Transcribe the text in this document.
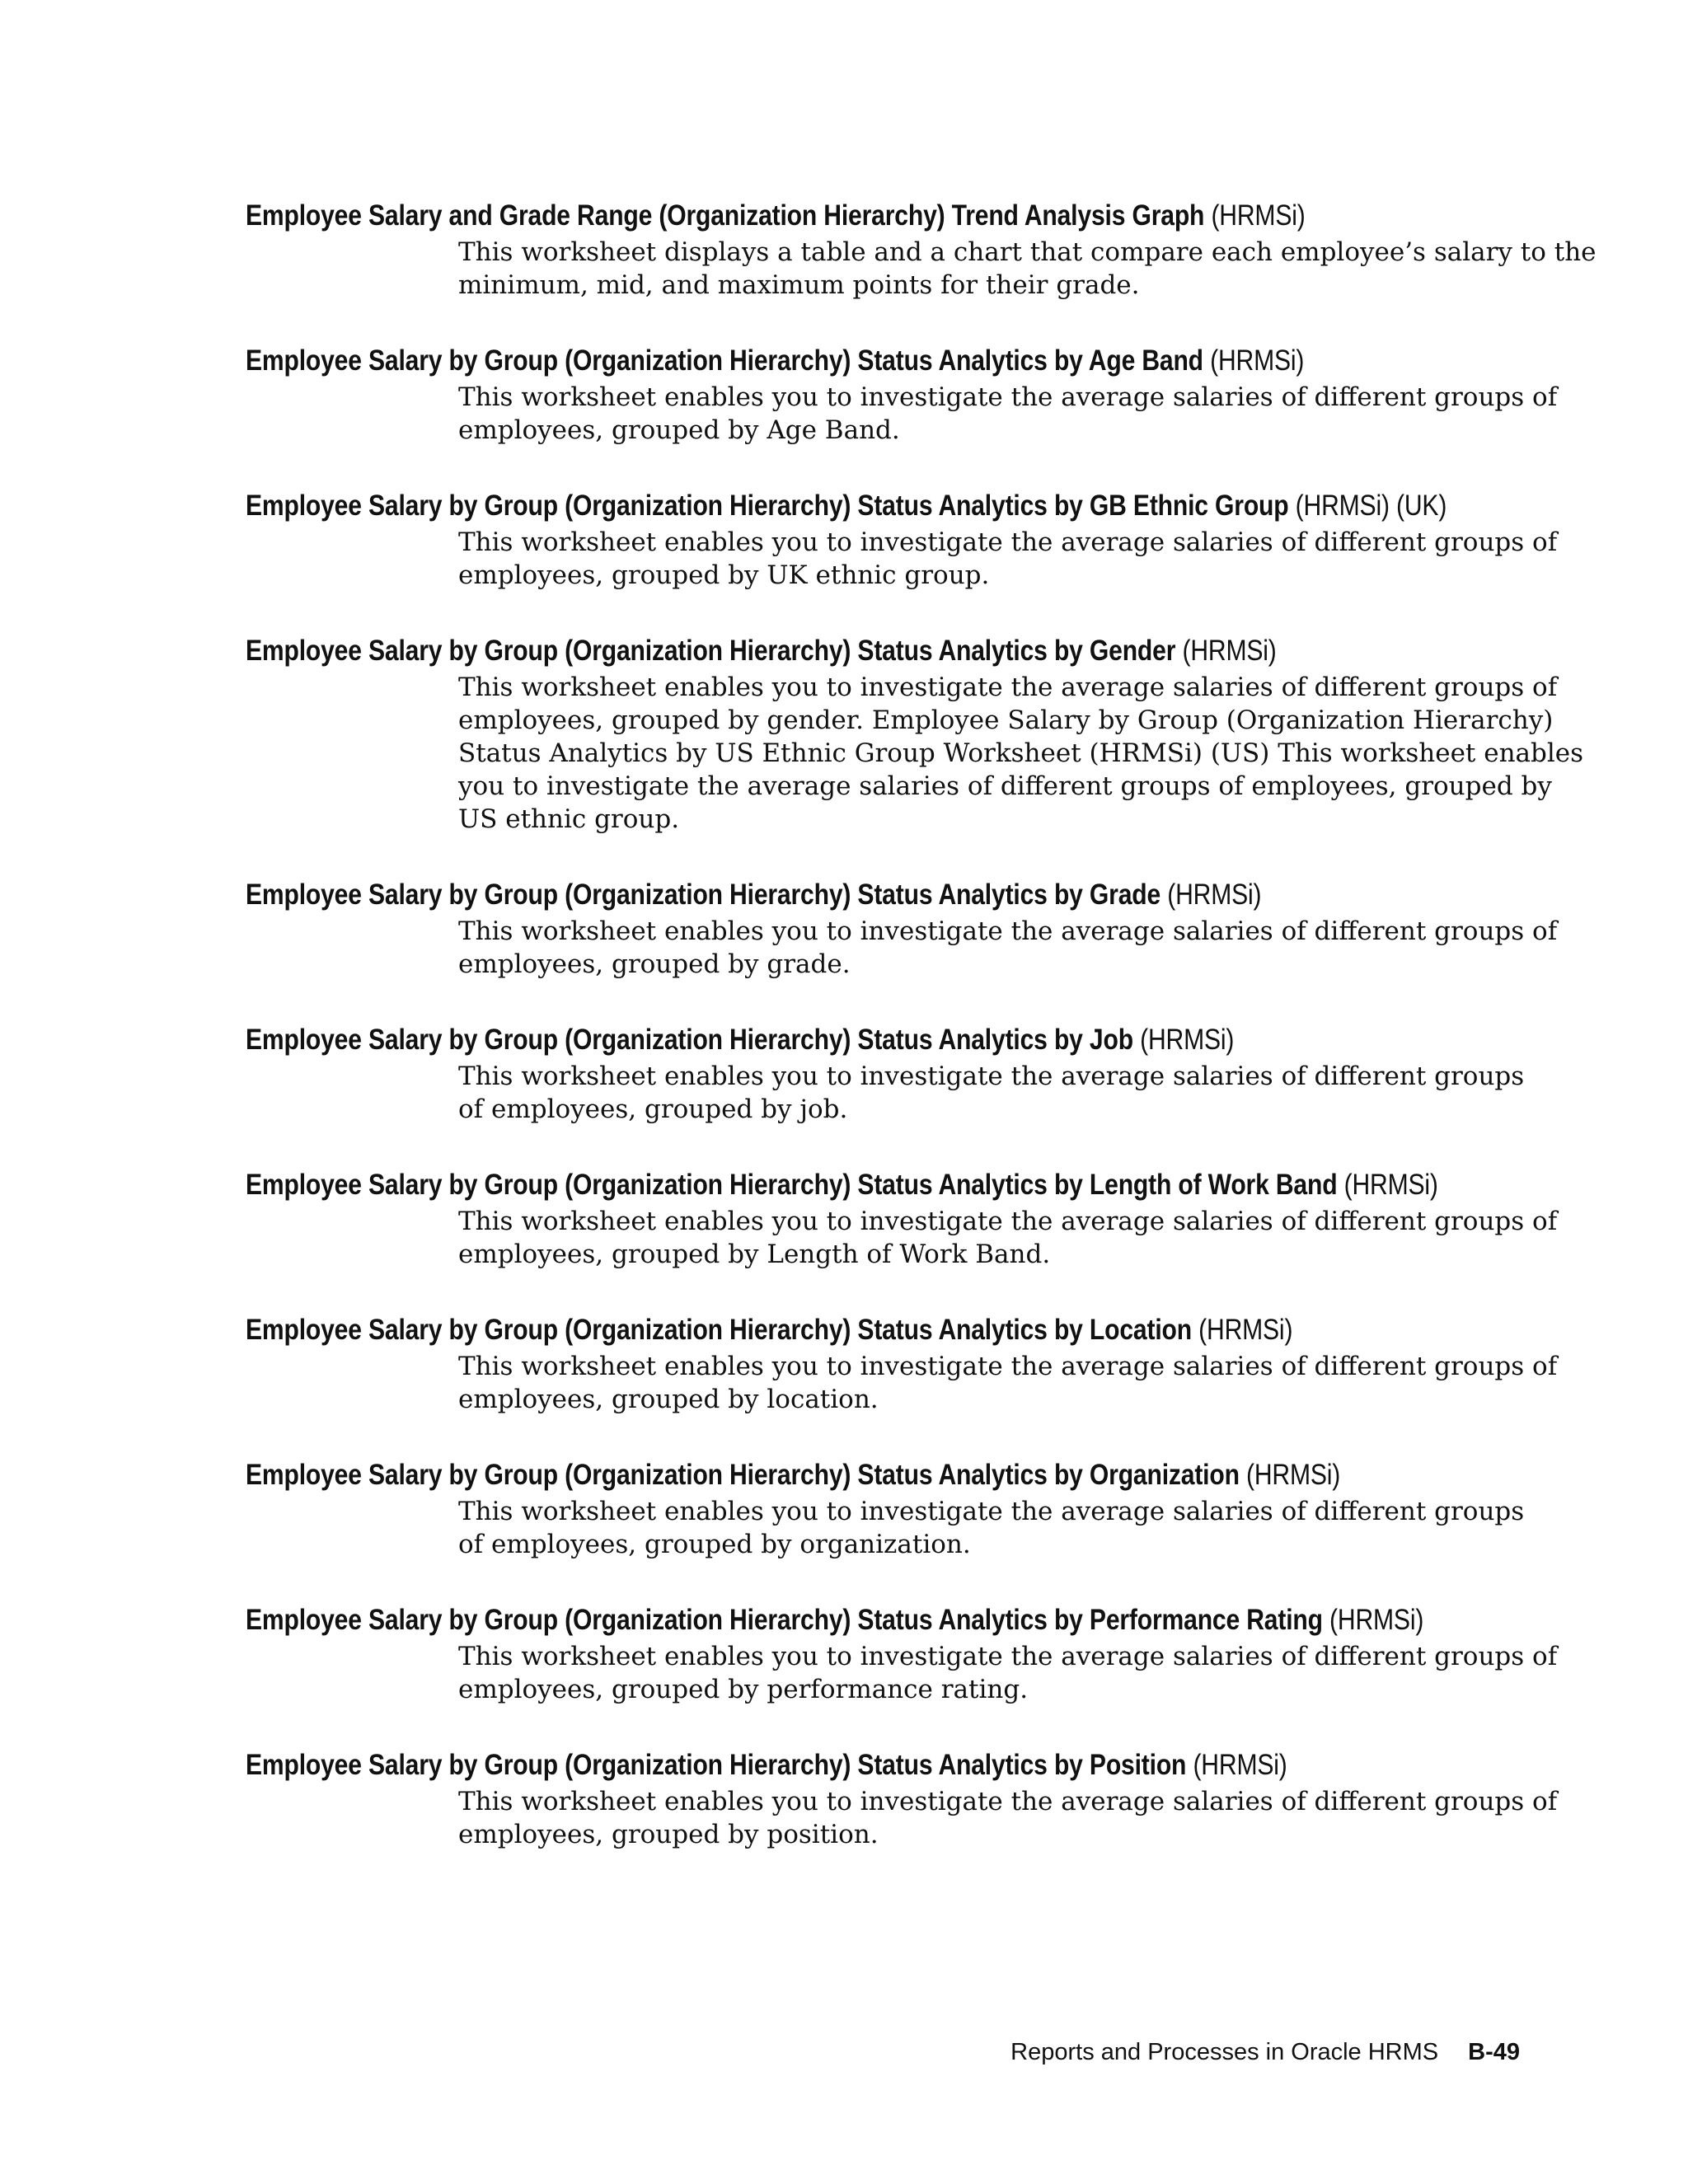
Employee Salary and Grade Range (Organization Hierarchy) Trend Analysis Graph (HRMSi)
This worksheet displays a table and a chart that compare each employee’s salary to the
minimum, mid, and maximum points for their grade.
Employee Salary by Group (Organization Hierarchy) Status Analytics by Age Band (HRMSi)
This worksheet enables you to investigate the average salaries of different groups of
employees, grouped by Age Band.
Employee Salary by Group (Organization Hierarchy) Status Analytics by GB Ethnic Group (HRMSi) (UK)
This worksheet enables you to investigate the average salaries of different groups of
employees, grouped by UK ethnic group.
Employee Salary by Group (Organization Hierarchy) Status Analytics by Gender (HRMSi)
This worksheet enables you to investigate the average salaries of different groups of
employees, grouped by gender. Employee Salary by Group (Organization Hierarchy)
Status Analytics by US Ethnic Group Worksheet (HRMSi) (US) This worksheet enables
you to investigate the average salaries of different groups of employees, grouped by
US ethnic group.
Employee Salary by Group (Organization Hierarchy) Status Analytics by Grade (HRMSi)
This worksheet enables you to investigate the average salaries of different groups of
employees, grouped by grade.
Employee Salary by Group (Organization Hierarchy) Status Analytics by Job (HRMSi)
This worksheet enables you to investigate the average salaries of different groups
of employees, grouped by job.
Employee Salary by Group (Organization Hierarchy) Status Analytics by Length of Work Band (HRMSi)
This worksheet enables you to investigate the average salaries of different groups of
employees, grouped by Length of Work Band.
Employee Salary by Group (Organization Hierarchy) Status Analytics by Location (HRMSi)
This worksheet enables you to investigate the average salaries of different groups of
employees, grouped by location.
Employee Salary by Group (Organization Hierarchy) Status Analytics by Organization (HRMSi)
This worksheet enables you to investigate the average salaries of different groups
of employees, grouped by organization.
Employee Salary by Group (Organization Hierarchy) Status Analytics by Performance Rating (HRMSi)
This worksheet enables you to investigate the average salaries of different groups of
employees, grouped by performance rating.
Employee Salary by Group (Organization Hierarchy) Status Analytics by Position (HRMSi)
This worksheet enables you to investigate the average salaries of different groups of
employees, grouped by position.
Reports and Processes in Oracle HRMS B-49
